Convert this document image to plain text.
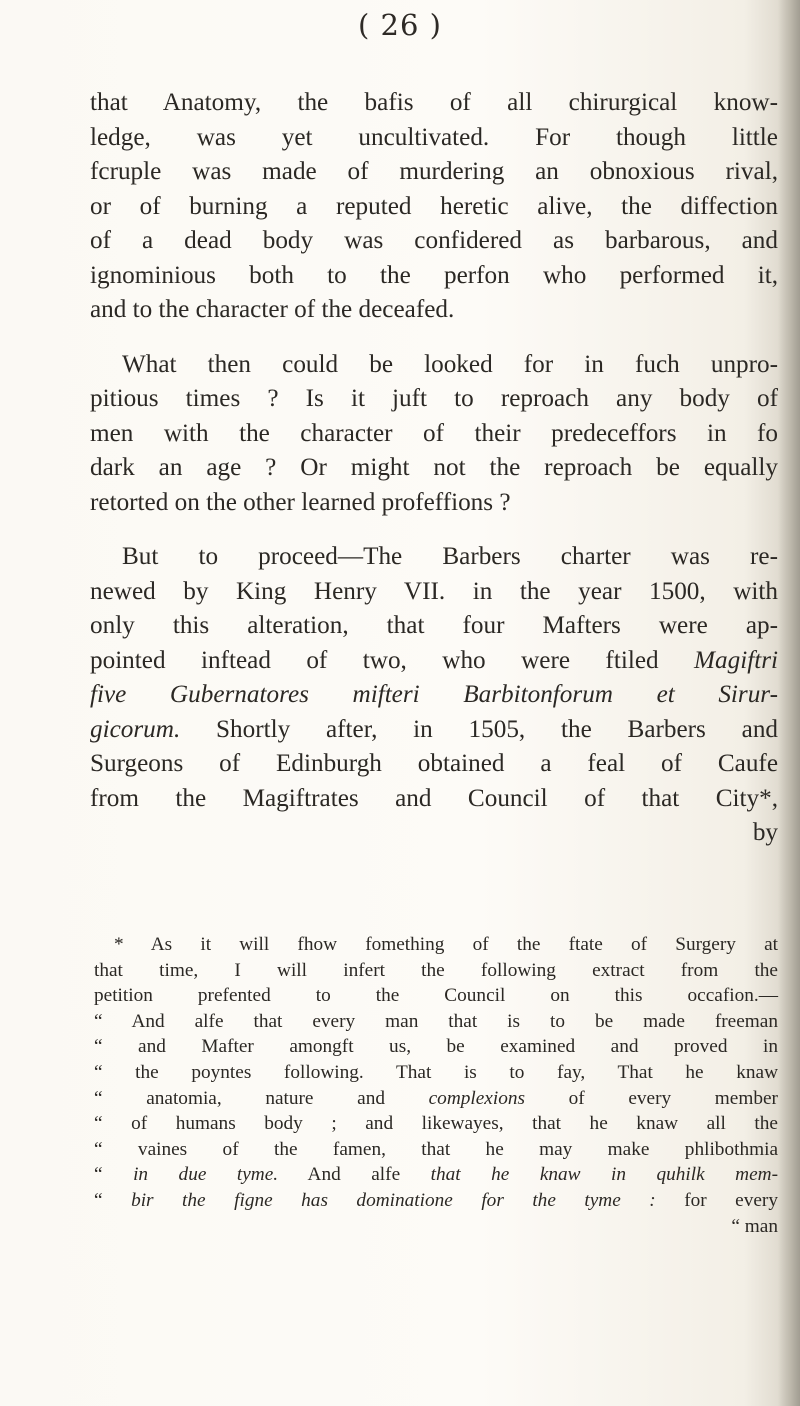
( 26 )
that Anatomy, the bafis of all chirurgical know-
ledge, was yet uncultivated. For though little
fcruple was made of murdering an obnoxious rival,
or of burning a reputed heretic alive, the diffection
of a dead body was confidered as barbarous, and
ignominious both to the perfon who performed it,
and to the character of the deceafed.
What then could be looked for in fuch unpro-
pitious times ? Is it juft to reproach any body of
men with the character of their predeceffors in fo
dark an age ? Or might not the reproach be equally
retorted on the other learned profeffions ?
But to proceed—The Barbers charter was re-
newed by King Henry VII. in the year 1500, with
only this alteration, that four Mafters were ap-
pointed inftead of two, who were ftiled Magiftri
five Gubernatores mifteri Barbitonforum et Sirur-
gicorum. Shortly after, in 1505, the Barbers and
Surgeons of Edinburgh obtained a feal of Caufe
from the Magiftrates and Council of that City*,
by
* As it will fhow fomething of the ftate of Surgery at
that time, I will infert the following extract from the
petition prefented to the Council on this occafion.—
“ And alfe that every man that is to be made freeman
“ and Mafter amongft us, be examined and proved in
“ the poyntes following. That is to fay, That he knaw
“ anatomia, nature and complexions of every member
“ of humans body ; and likewayes, that he knaw all the
“ vaines of the famen, that he may make phlibothmia
“ in due tyme. And alfe that he knaw in quhilk mem-
“ bir the figne has dominatione for the tyme : for every
“ man
